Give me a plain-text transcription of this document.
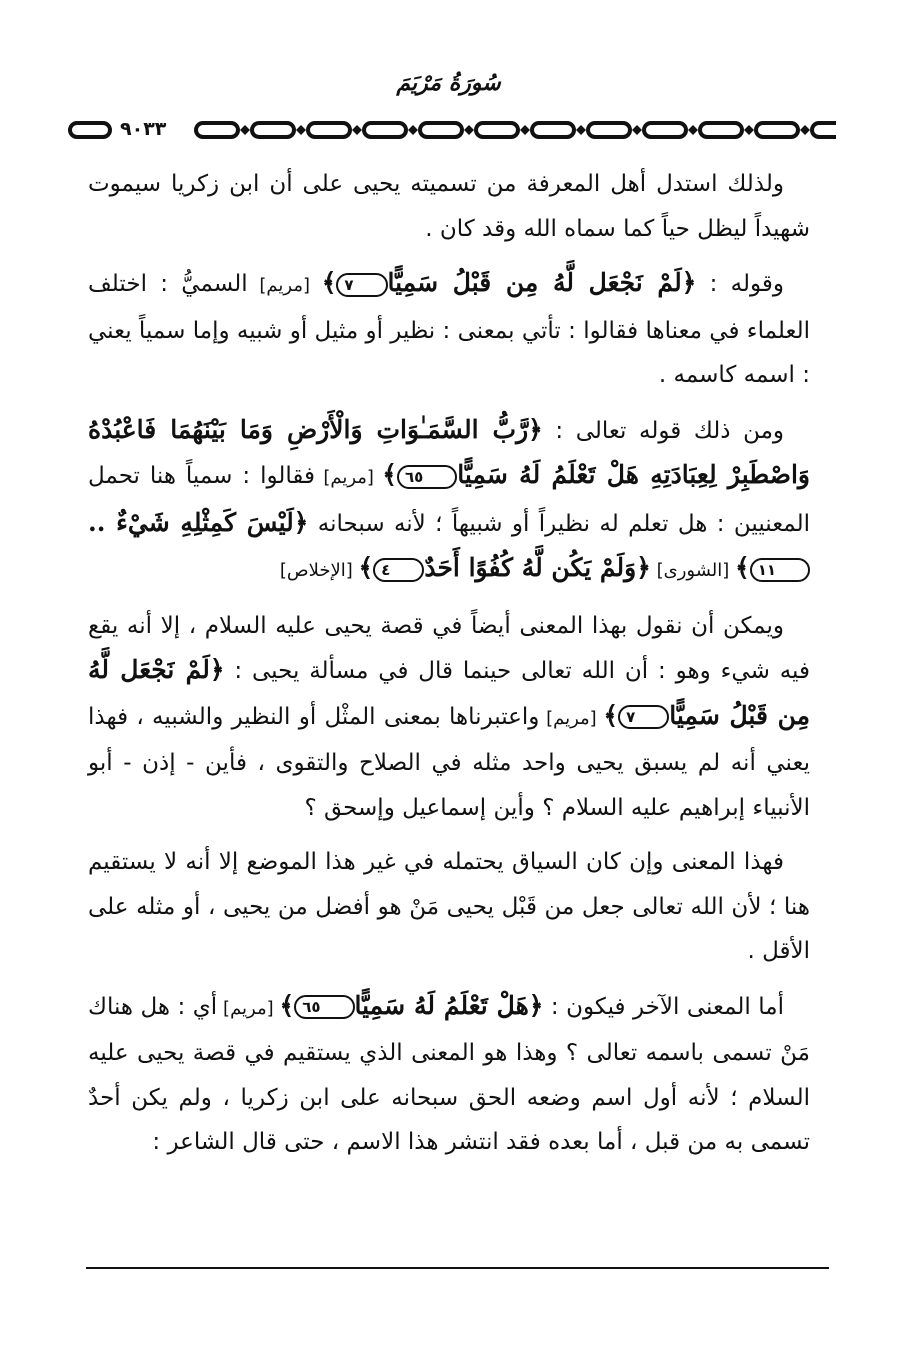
سُورَةُ مَرْيَمَ
٩٠٣٣

ولذلك استدل أهل المعرفة من تسميته يحيى على أن ابن زكريا سيموت شهيداً ليظل حياً كما سماه الله وقد كان .

وقوله : ﴿لَمْ نَجْعَل لَّهُ مِن قَبْلُ سَمِيًّا٧﴾ [مريم] السميُّ : اختلف العلماء في معناها فقالوا : تأتي بمعنى : نظير أو مثيل أو شبيه وإما سمياً يعني : اسمه كاسمه .

ومن ذلك قوله تعالى : ﴿رَّبُّ السَّمَـٰوَاتِ وَالْأَرْضِ وَمَا بَيْنَهُمَا فَاعْبُدْهُ وَاصْطَبِرْ لِعِبَادَتِهِ هَلْ تَعْلَمُ لَهُ سَمِيًّا٦٥﴾ [مريم] فقالوا : سمياً هنا تحمل المعنيين : هل تعلم له نظيراً أو شبيهاً ؛ لأنه سبحانه ﴿لَيْسَ كَمِثْلِهِ شَيْءٌ ..١١﴾ [الشورى] ﴿وَلَمْ يَكُن لَّهُ كُفُوًا أَحَدٌ٤﴾ [الإخلاص]

ويمكن أن نقول بهذا المعنى أيضاً في قصة يحيى عليه السلام ، إلا أنه يقع فيه شيء وهو : أن الله تعالى حينما قال في مسألة يحيى : ﴿لَمْ نَجْعَل لَّهُ مِن قَبْلُ سَمِيًّا٧﴾ [مريم] واعتبرناها بمعنى المثْل أو النظير والشبيه ، فهذا يعني أنه لم يسبق يحيى واحد مثله في الصلاح والتقوى ، فأين - إذن - أبو الأنبياء إبراهيم عليه السلام ؟ وأين إسماعيل وإسحق ؟

فهذا المعنى وإن كان السياق يحتمله في غير هذا الموضع إلا أنه لا يستقيم هنا ؛ لأن الله تعالى جعل من قَبْل يحيى مَنْ هو أفضل من يحيى ، أو مثله على الأقل .

أما المعنى الآخر فيكون : ﴿هَلْ تَعْلَمُ لَهُ سَمِيًّا٦٥﴾ [مريم] أي : هل هناك مَنْ تسمى باسمه تعالى ؟ وهذا هو المعنى الذي يستقيم في قصة يحيى عليه السلام ؛ لأنه أول اسم وضعه الحق سبحانه على ابن زكريا ، ولم يكن أحدٌ تسمى به من قبل ، أما بعده فقد انتشر هذا الاسم ، حتى قال الشاعر :
